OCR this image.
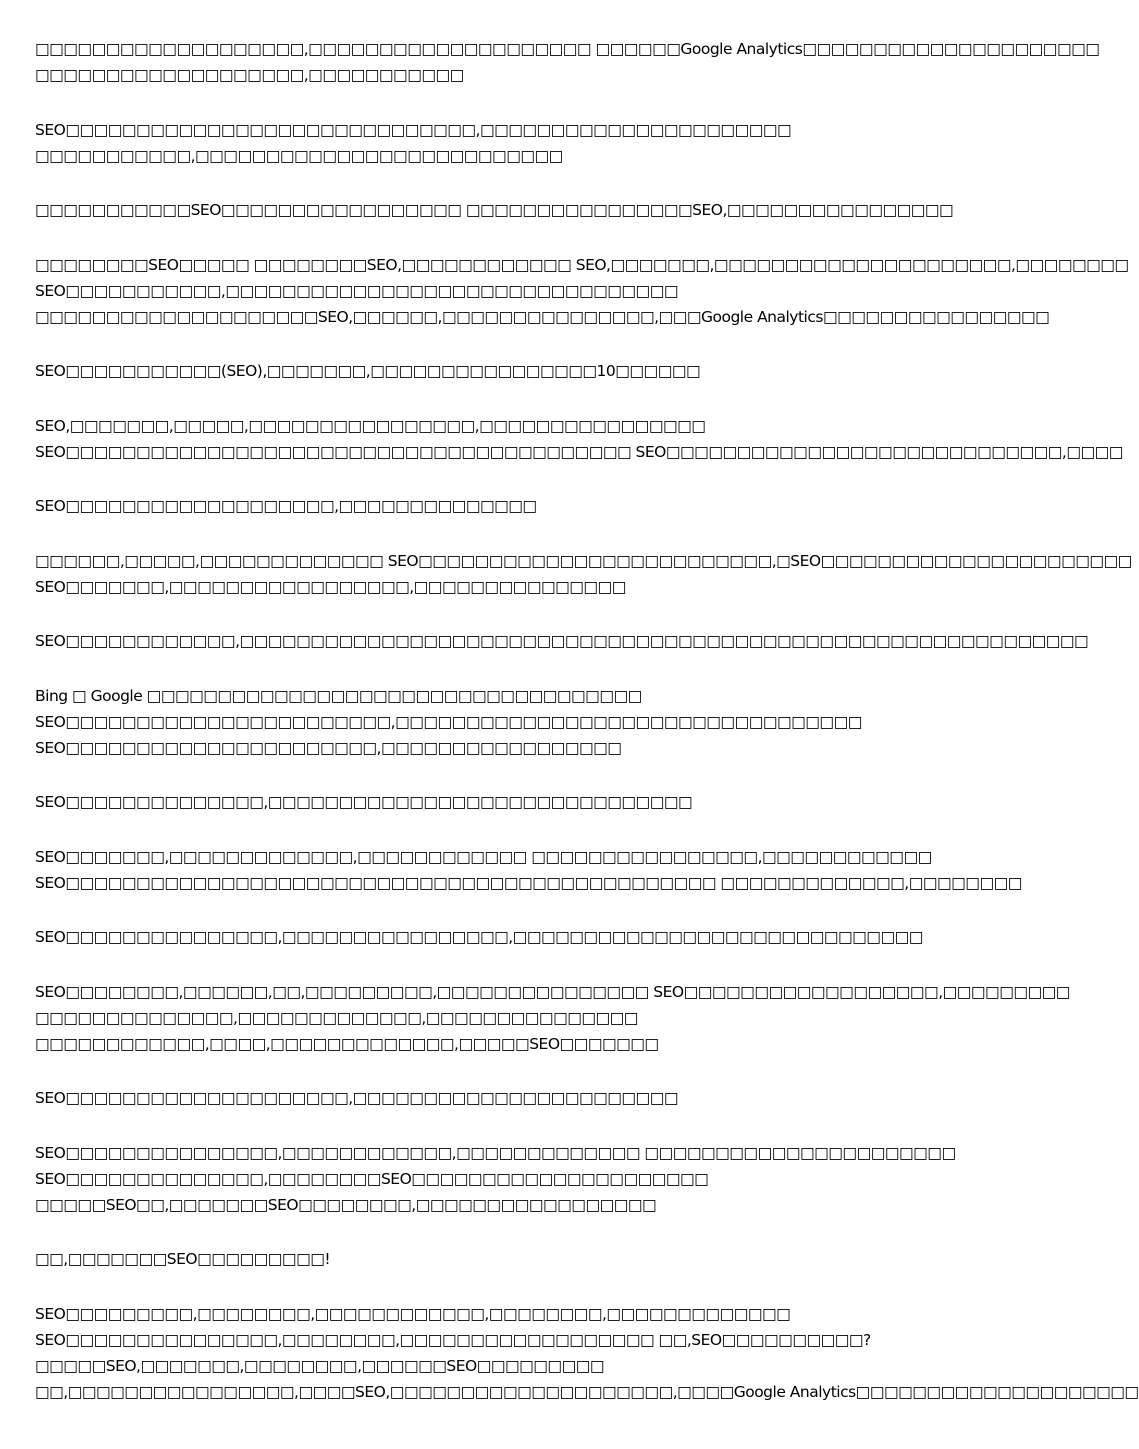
□□□□□□□□□□□□□□□□□□□,□□□□□□□□□□□□□□□□□□□□ □□□□□□Google Analytics□□□□□□□□□□□□□□□□□□□□□
□□□□□□□□□□□□□□□□□□□,□□□□□□□□□□□
SEO□□□□□□□□□□□□□□□□□□□□□□□□□□□□□,□□□□□□□□□□□□□□□□□□□□□□
□□□□□□□□□□□,□□□□□□□□□□□□□□□□□□□□□□□□□□
□□□□□□□□□□□SEO□□□□□□□□□□□□□□□□□ □□□□□□□□□□□□□□□□SEO,□□□□□□□□□□□□□□□□
□□□□□□□□SEO□□□□□ □□□□□□□□SEO,□□□□□□□□□□□□ SEO,□□□□□□□,□□□□□□□□□□□□□□□□□□□□□,□□□□□□□□
SEO□□□□□□□□□□□,□□□□□□□□□□□□□□□□□□□□□□□□□□□□□□□□
□□□□□□□□□□□□□□□□□□□□SEO,□□□□□□,□□□□□□□□□□□□□□□,□□□Google Analytics□□□□□□□□□□□□□□□□
SEO□□□□□□□□□□□(SEO),□□□□□□□,□□□□□□□□□□□□□□□□10□□□□□□
SEO,□□□□□□□,□□□□□,□□□□□□□□□□□□□□□□,□□□□□□□□□□□□□□□□
SEO□□□□□□□□□□□□□□□□□□□□□□□□□□□□□□□□□□□□□□□□ SEO□□□□□□□□□□□□□□□□□□□□□□□□□□□□,□□□□
SEO□□□□□□□□□□□□□□□□□□□,□□□□□□□□□□□□□□
□□□□□□,□□□□□,□□□□□□□□□□□□□ SEO□□□□□□□□□□□□□□□□□□□□□□□□□,□SEO□□□□□□□□□□□□□□□□□□□□□□
SEO□□□□□□□,□□□□□□□□□□□□□□□□□,□□□□□□□□□□□□□□□
SEO□□□□□□□□□□□□,□□□□□□□□□□□□□□□□□□□□□□□□□□□□□□□□□□□□□□□□□□□□□□□□□□□□□□□□□□□□
Bing □ Google □□□□□□□□□□□□□□□□□□□□□□□□□□□□□□□□□□□
SEO□□□□□□□□□□□□□□□□□□□□□□□,□□□□□□□□□□□□□□□□□□□□□□□□□□□□□□□□□
SEO□□□□□□□□□□□□□□□□□□□□□□,□□□□□□□□□□□□□□□□□
SEO□□□□□□□□□□□□□□,□□□□□□□□□□□□□□□□□□□□□□□□□□□□□□
SEO□□□□□□□,□□□□□□□□□□□□□,□□□□□□□□□□□□ □□□□□□□□□□□□□□□□,□□□□□□□□□□□□
SEO□□□□□□□□□□□□□□□□□□□□□□□□□□□□□□□□□□□□□□□□□□□□□□ □□□□□□□□□□□□□,□□□□□□□□
SEO□□□□□□□□□□□□□□□,□□□□□□□□□□□□□□□□,□□□□□□□□□□□□□□□□□□□□□□□□□□□□□
SEO□□□□□□□□,□□□□□□,□□,□□□□□□□□□,□□□□□□□□□□□□□□□ SEO□□□□□□□□□□□□□□□□□□,□□□□□□□□□
□□□□□□□□□□□□□□,□□□□□□□□□□□□□,□□□□□□□□□□□□□□□
□□□□□□□□□□□□,□□□□,□□□□□□□□□□□□□,□□□□□SEO□□□□□□□
SEO□□□□□□□□□□□□□□□□□□□□,□□□□□□□□□□□□□□□□□□□□□□□
SEO□□□□□□□□□□□□□□□,□□□□□□□□□□□□,□□□□□□□□□□□□□ □□□□□□□□□□□□□□□□□□□□□□
SEO□□□□□□□□□□□□□□,□□□□□□□□SEO□□□□□□□□□□□□□□□□□□□□□
□□□□□SEO□□,□□□□□□□SEO□□□□□□□□,□□□□□□□□□□□□□□□□□
□□,□□□□□□□SEO□□□□□□□□□!
SEO□□□□□□□□□,□□□□□□□□,□□□□□□□□□□□□,□□□□□□□□,□□□□□□□□□□□□□
SEO□□□□□□□□□□□□□□□,□□□□□□□□,□□□□□□□□□□□□□□□□□□ □□,SEO□□□□□□□□□□?
□□□□□SEO,□□□□□□□,□□□□□□□□,□□□□□□SEO□□□□□□□□□
□□,□□□□□□□□□□□□□□□□,□□□□SEO,□□□□□□□□□□□□□□□□□□□□,□□□□Google Analytics□□□□□□□□□□□□□□□□□□□□
